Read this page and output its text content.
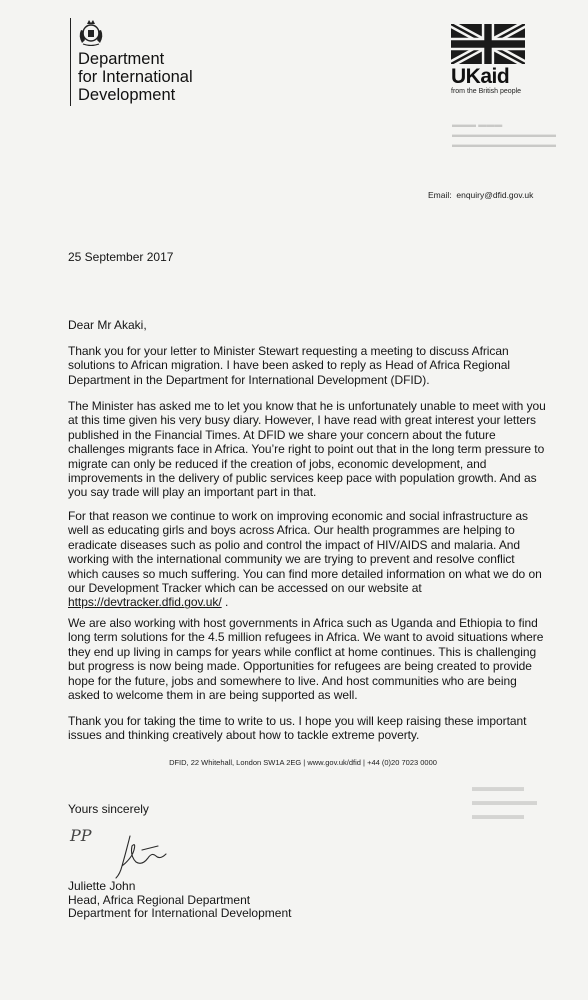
Department
for International
Development
UKaid
from the British people
▬▬▬ ▬▬▬
▬▬▬▬▬▬▬▬▬▬▬▬▬
▬▬▬▬▬▬▬▬▬▬▬▬▬
▬▬▬▬
▬▬▬▬▬
▬▬▬▬
Email: enquiry@dfid.gov.uk
25 September 2017
Dear Mr Akaki,

Thank you for your letter to Minister Stewart requesting a meeting to discuss African solutions to African migration. I have been asked to reply as Head of Africa Regional Department in the Department for International Development (DFID).

The Minister has asked me to let you know that he is unfortunately unable to meet with you at this time given his very busy diary. However, I have read with great interest your letters published in the Financial Times. At DFID we share your concern about the future challenges migrants face in Africa. You’re right to point out that in the long term pressure to migrate can only be reduced if the creation of jobs, economic development, and improvements in the delivery of public services keep pace with population growth. And as you say trade will play an important part in that.

For that reason we continue to work on improving economic and social infrastructure as well as educating girls and boys across Africa. Our health programmes are helping to eradicate diseases such as polio and control the impact of HIV/AIDS and malaria. And working with the international community we are trying to prevent and resolve conflict which causes so much suffering. You can find more detailed information on what we do on our Development Tracker which can be accessed on our website at https://devtracker.dfid.gov.uk/ .

We are also working with host governments in Africa such as Uganda and Ethiopia to find long term solutions for the 4.5 million refugees in Africa. We want to avoid situations where they end up living in camps for years while conflict at home continues. This is challenging but progress is now being made. Opportunities for refugees are being created to provide hope for the future, jobs and somewhere to live. And host communities who are being asked to welcome them in are being supported as well.

Thank you for taking the time to write to us. I hope you will keep raising these important issues and thinking creatively about how to tackle extreme poverty.

DFID, 22 Whitehall, London SW1A 2EG | www.gov.uk/dfid | +44 (0)20 7023 0000
Yours sincerely
PP
Juliette John
Head, Africa Regional Department
Department for International Development
